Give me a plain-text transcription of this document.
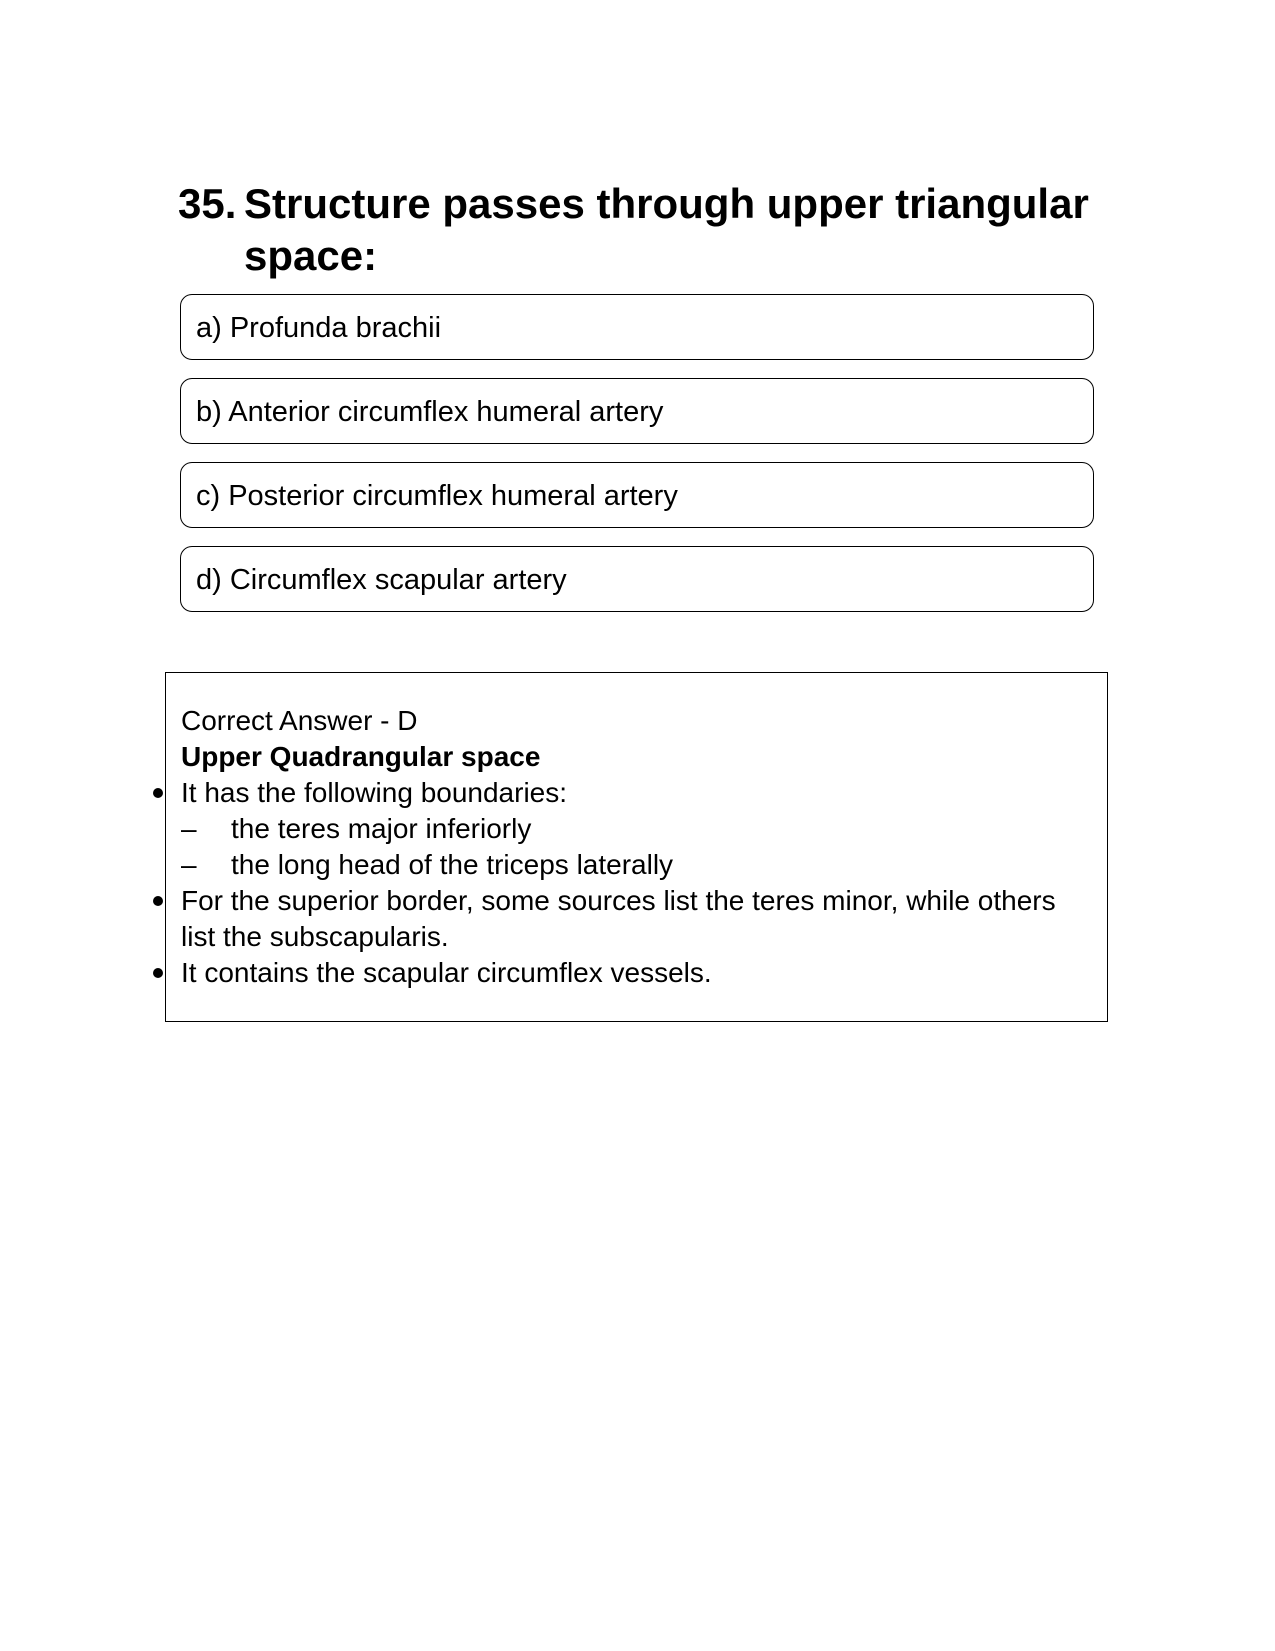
35. Structure passes through upper triangular space:
a) Profunda brachii
b) Anterior circumflex humeral artery
c) Posterior circumflex humeral artery
d) Circumflex scapular artery

Correct Answer - D

Upper Quadrangular space

It has the following boundaries:

–	the teres major inferiorly
–	the long head of the triceps laterally

For the superior border, some sources list the teres minor, while others list the subscapularis.

It contains the scapular circumflex vessels.
